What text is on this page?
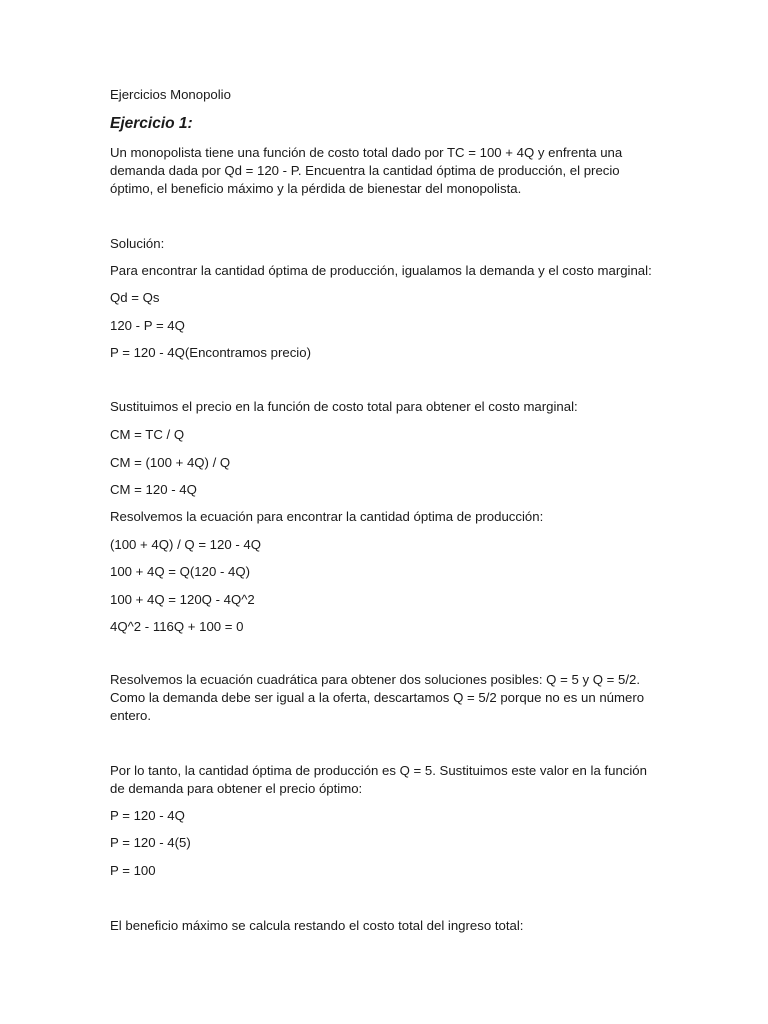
Ejercicios Monopolio

Ejercicio 1:

Un monopolista tiene una función de costo total dado por TC = 100 + 4Q y enfrenta una demanda dada por Qd = 120 - P. Encuentra la cantidad óptima de producción, el precio óptimo, el beneficio máximo y la pérdida de bienestar del monopolista.

Solución:

Para encontrar la cantidad óptima de producción, igualamos la demanda y el costo marginal:

Qd = Qs

120 - P = 4Q

P = 120 - 4Q(Encontramos precio)

Sustituimos el precio en la función de costo total para obtener el costo marginal:

CM = TC / Q

CM = (100 + 4Q) / Q

CM = 120 - 4Q

Resolvemos la ecuación para encontrar la cantidad óptima de producción:

(100 + 4Q) / Q = 120 - 4Q

100 + 4Q = Q(120 - 4Q)

100 + 4Q = 120Q - 4Q^2

4Q^2 - 116Q + 100 = 0

Resolvemos la ecuación cuadrática para obtener dos soluciones posibles: Q = 5 y Q = 5/2. Como la demanda debe ser igual a la oferta, descartamos Q = 5/2 porque no es un número entero.

Por lo tanto, la cantidad óptima de producción es Q = 5. Sustituimos este valor en la función de demanda para obtener el precio óptimo:

P = 120 - 4Q

P = 120 - 4(5)

P = 100

El beneficio máximo se calcula restando el costo total del ingreso total:
